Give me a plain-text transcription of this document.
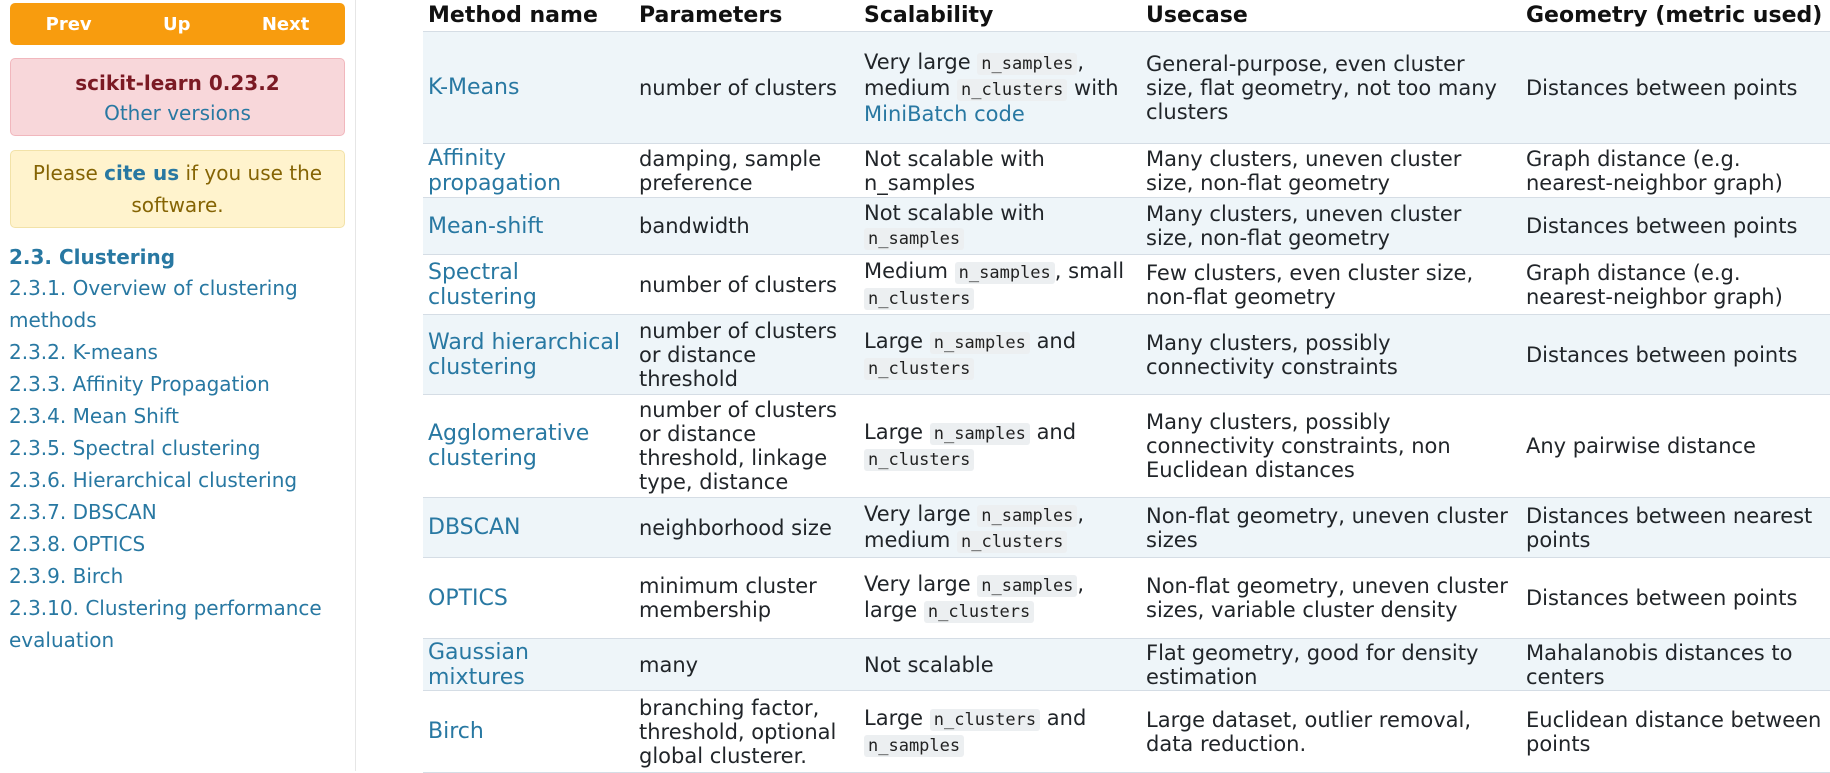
Prev	Up	Next
scikit-learn 0.23.2
Other versions
Please cite us if you use the software.
2.3. Clustering
2.3.1. Overview of clustering methods
2.3.2. K-means
2.3.3. Affinity Propagation
2.3.4. Mean Shift
2.3.5. Spectral clustering
2.3.6. Hierarchical clustering
2.3.7. DBSCAN
2.3.8. OPTICS
2.3.9. Birch
2.3.10. Clustering performance evaluation
Method name	Parameters	Scalability	Usecase	Geometry (metric used)
K-Means	number of clusters	Very large n_samples , medium n_clusters with MiniBatch code	General-purpose, even cluster size, flat geometry, not too many clusters	Distances between points
Affinity propagation	damping, sample preference	Not scalable with n_samples	Many clusters, uneven cluster size, non-flat geometry	Graph distance (e.g. nearest-neighbor graph)
Mean-shift	bandwidth	Not scalable with n_samples	Many clusters, uneven cluster size, non-flat geometry	Distances between points
Spectral clustering	number of clusters	Medium n_samples , small n_clusters	Few clusters, even cluster size, non-flat geometry	Graph distance (e.g. nearest-neighbor graph)
Ward hierarchical clustering	number of clusters or distance threshold	Large n_samples and n_clusters	Many clusters, possibly connectivity constraints	Distances between points
Agglomerative clustering	number of clusters or distance threshold, linkage type, distance	Large n_samples and n_clusters	Many clusters, possibly connectivity constraints, non Euclidean distances	Any pairwise distance
DBSCAN	neighborhood size	Very large n_samples , medium n_clusters	Non-flat geometry, uneven cluster sizes	Distances between nearest points
OPTICS	minimum cluster membership	Very large n_samples , large n_clusters	Non-flat geometry, uneven cluster sizes, variable cluster density	Distances between points
Gaussian mixtures	many	Not scalable	Flat geometry, good for density estimation	Mahalanobis distances to centers
Birch	branching factor, threshold, optional global clusterer.	Large n_clusters and n_samples	Large dataset, outlier removal, data reduction.	Euclidean distance between points
